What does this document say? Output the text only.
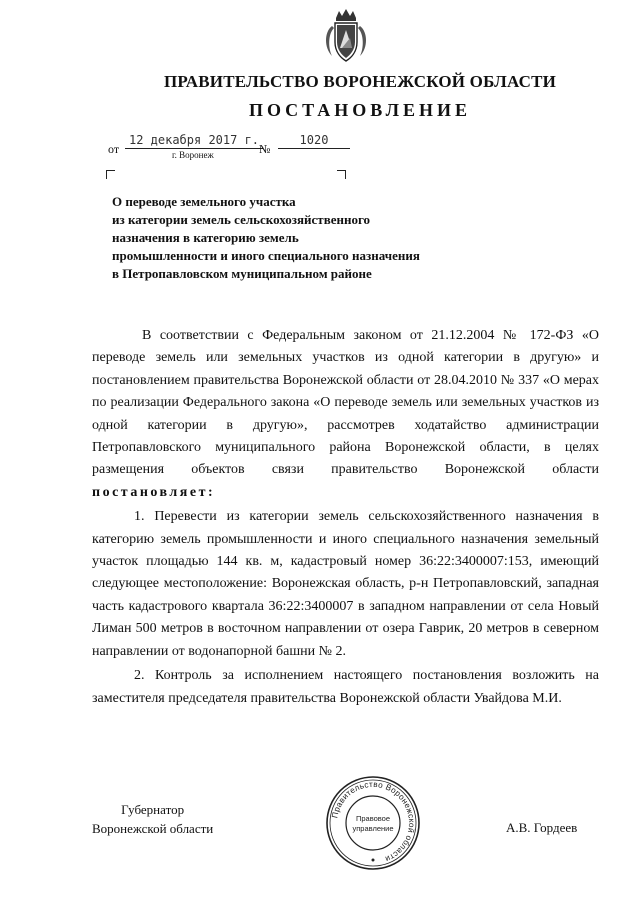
ПРАВИТЕЛЬСТВО ВОРОНЕЖСКОЙ ОБЛАСТИ
ПОСТАНОВЛЕНИЕ
от
12 декабря 2017 г.
№
1020
г. Воронеж
О переводе земельного участка
из категории земель сельскохозяйственного
назначения в категорию земель
промышленности и иного специального назначения
в Петропавловском муниципальном районе

В соответствии с Федеральным законом от 21.12.2004 № 172-ФЗ «О переводе земель или земельных участков из одной категории в другую» и постановлением правительства Воронежской области от 28.04.2010 № 337 «О мерах по реализации Федерального закона «О переводе земель или земельных участков из одной категории в другую», рассмотрев ходатайство администрации Петропавловского муниципального района Воронежской области, в целях размещения объектов связи правительство Воронежской области постановляет:

1. Перевести из категории земель сельскохозяйственного назначения в категорию земель промышленности и иного специального назначения земельный участок площадью 144 кв. м, кадастровый номер 36:22:3400007:153, имеющий следующее местоположение: Воронежская область, р-н Петропавловский, западная часть кадастрового квартала 36:22:3400007 в западном направлении от села Новый Лиман 500 метров в восточном направлении от озера Гаврик, 20 метров в северном направлении от водонапорной башни № 2.

2. Контроль за исполнением настоящего постановления возложить на заместителя председателя правительства Воронежской области Увайдова М.И.

Губернатор
Воронежской области	А.В. Гордеев
Правительство Воронежской области
Правовое
управление
